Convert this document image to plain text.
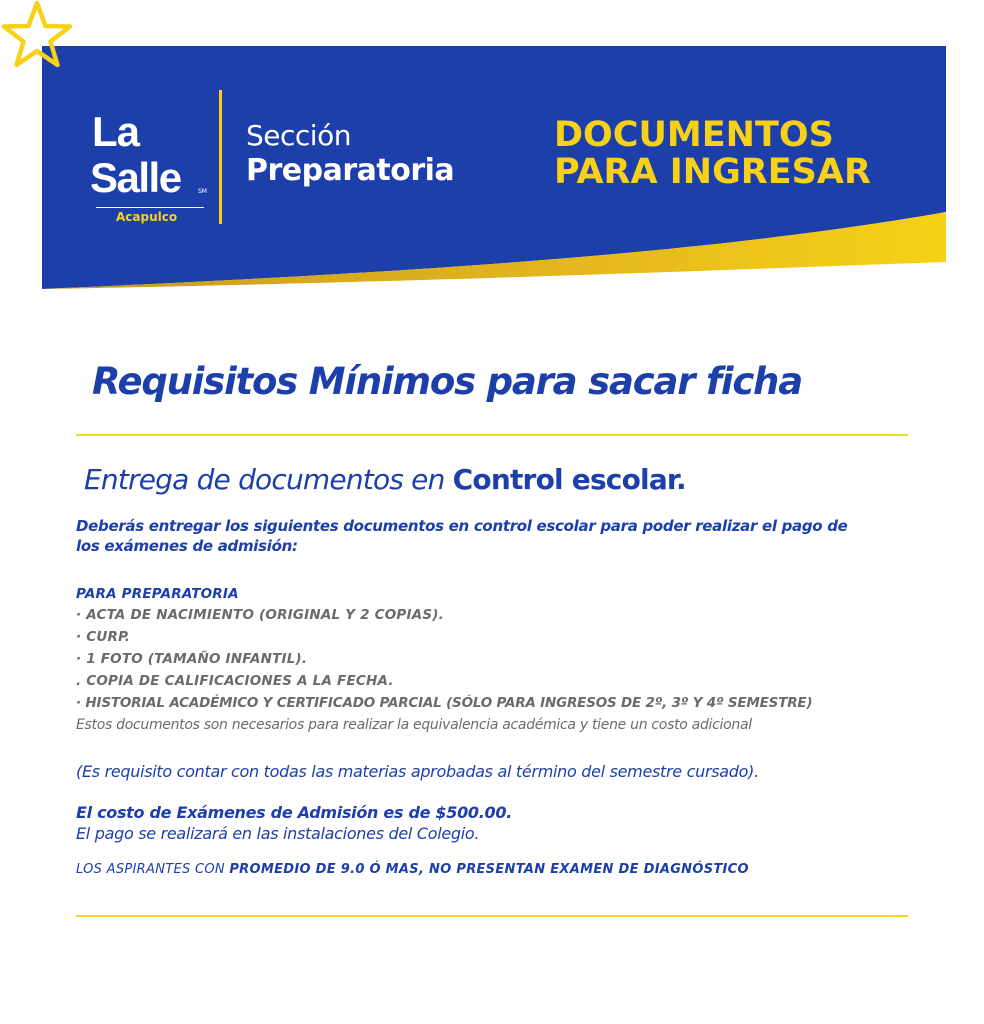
La
Salle	SM
Acapulco
Sección
Preparatoria
DOCUMENTOS
PARA INGRESAR
Requisitos Mínimos para sacar ficha
Entrega de documentos en Control escolar.
Deberás entregar los siguientes documentos en control escolar para poder realizar el pago de
los exámenes de admisión:
PARA PREPARATORIA
· ACTA DE NACIMIENTO (ORIGINAL Y 2 COPIAS).
· CURP.
· 1 FOTO (TAMAÑO INFANTIL).
. COPIA DE CALIFICACIONES A LA FECHA.
· HISTORIAL ACADÉMICO Y CERTIFICADO PARCIAL (SÓLO PARA INGRESOS DE 2º, 3º Y 4º SEMESTRE)
Estos documentos son necesarios para realizar la equivalencia académica y tiene un costo adicional
(Es requisito contar con todas las materias aprobadas al término del semestre cursado).
El costo de Exámenes de Admisión es de $500.00.
El pago se realizará en las instalaciones del Colegio.
LOS ASPIRANTES CON PROMEDIO DE 9.0 Ó MAS, NO PRESENTAN EXAMEN DE DIAGNÓSTICO
